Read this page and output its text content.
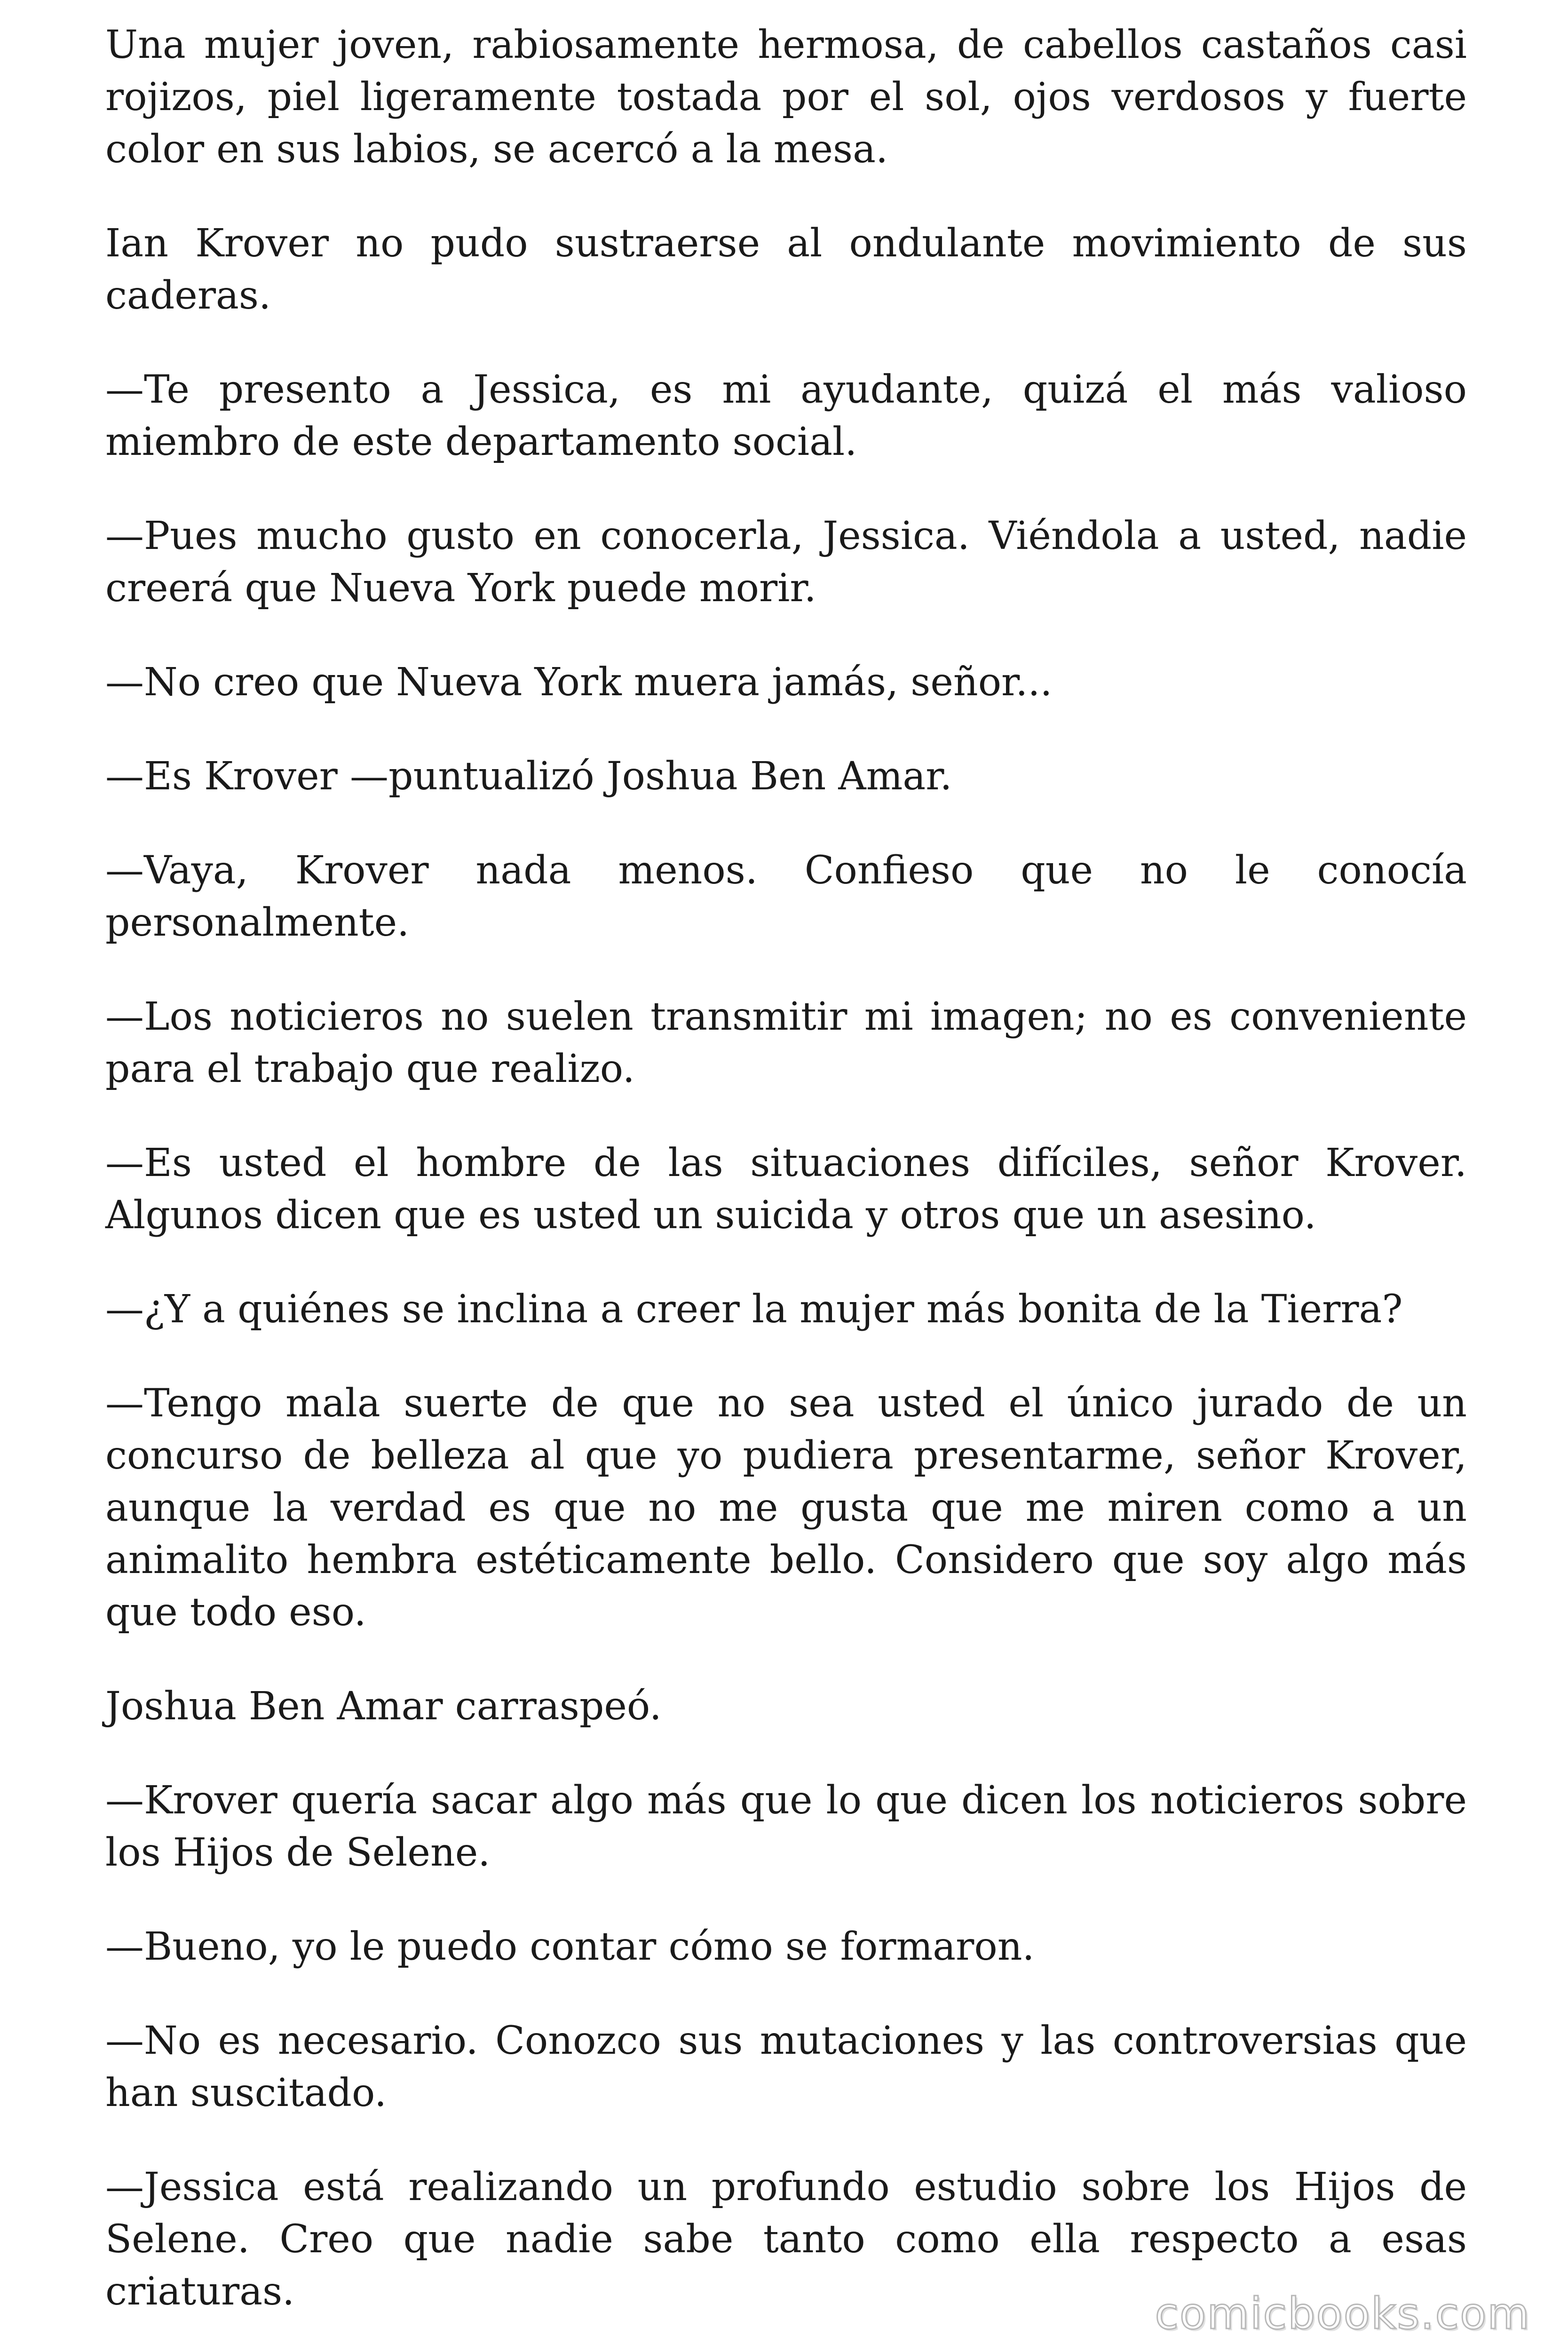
Una mujer joven, rabiosamente hermosa, de cabellos castaños casi rojizos, piel ligeramente tostada por el sol, ojos verdosos y fuerte color en sus labios, se acercó a la mesa.

Ian Krover no pudo sustraerse al ondulante movimiento de sus caderas.

—Te presento a Jessica, es mi ayudante, quizá el más valioso miembro de este departamento social.

—Pues mucho gusto en conocerla, Jessica. Viéndola a usted, nadie creerá que Nueva York puede morir.

—No creo que Nueva York muera jamás, señor...

—Es Krover —puntualizó Joshua Ben Amar.

—Vaya, Krover nada menos. Confieso que no le conocía personalmente.

—Los noticieros no suelen transmitir mi imagen; no es conveniente para el trabajo que realizo.

—Es usted el hombre de las situaciones difíciles, señor Krover. Algunos dicen que es usted un suicida y otros que un asesino.

—¿Y a quiénes se inclina a creer la mujer más bonita de la Tierra?

—Tengo mala suerte de que no sea usted el único jurado de un concurso de belleza al que yo pudiera presentarme, señor Krover, aunque la verdad es que no me gusta que me miren como a un animalito hembra estéticamente bello. Considero que soy algo más que todo eso.

Joshua Ben Amar carraspeó.

—Krover quería sacar algo más que lo que dicen los noticieros sobre los Hijos de Selene.

—Bueno, yo le puedo contar cómo se formaron.

—No es necesario. Conozco sus mutaciones y las controversias que han suscitado.

—Jessica está realizando un profundo estudio sobre los Hijos de Selene. Creo que nadie sabe tanto como ella respecto a esas criaturas.	comicbooks.com
